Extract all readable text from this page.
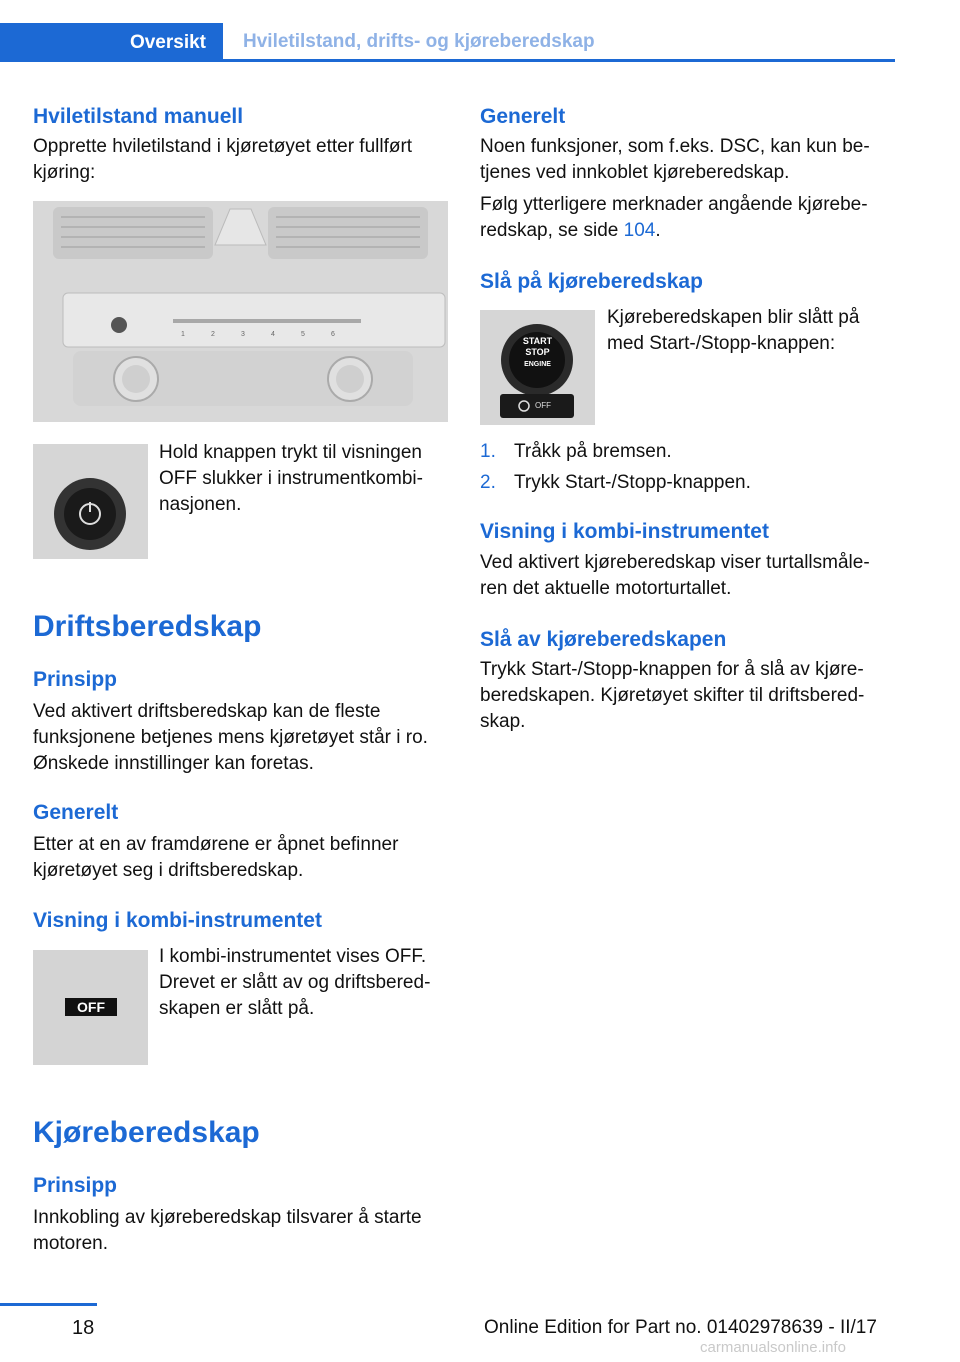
Oversikt	Hviletilstand, drifts- og kjøreberedskap
Hviletilstand manuell

Opprette hviletilstand i kjøretøyet etter fullført kjøring:

1	2	3	4	5	6

Hold knappen trykt til visningen
OFF slukker i instrumentkombi-
nasjonen.

Driftsberedskap
Prinsipp

Ved aktivert driftsberedskap kan de fleste
funksjonene betjenes mens kjøretøyet står i ro.
Ønskede innstillinger kan foretas.

Generelt

Etter at en av framdørene er åpnet befinner
kjøretøyet seg i driftsberedskap.

Visning i kombi-instrumentet
OFF

I kombi-instrumentet vises OFF.
Drevet er slått av og driftsbered-
skapen er slått på.

Kjøreberedskap
Prinsipp

Innkobling av kjøreberedskap tilsvarer å starte
motoren.

Generelt

Noen funksjoner, som f.eks. DSC, kan kun be-
tjenes ved innkoblet kjøreberedskap.

Følg ytterligere merknader angående kjørebe-
redskap, se side 104.

Slå på kjøreberedskap
START
STOP
ENGINE
OFF

Kjøreberedskapen blir slått på
med Start-/Stopp-knappen:

1. Tråkk på bremsen.
2. Trykk Start-/Stopp-knappen.
Visning i kombi-instrumentet

Ved aktivert kjøreberedskap viser turtallsmåle-
ren det aktuelle motorturtallet.

Slå av kjøreberedskapen

Trykk Start-/Stopp-knappen for å slå av kjøre-
beredskapen. Kjøretøyet skifter til driftsbered-
skap.

18	Online Edition for Part no. 01402978639 - II/17
carmanualsonline.info
